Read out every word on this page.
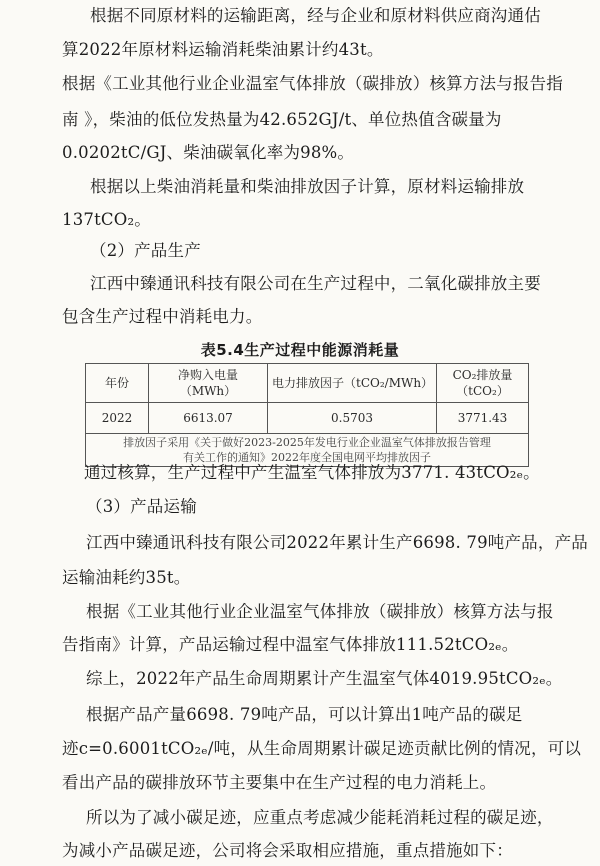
根据不同原材料的运输距离，经与企业和原材料供应商沟通估
算2022年原材料运输消耗柴油累计约43t。
根据《工业其他行业企业温室气体排放（碳排放）核算方法与报告指
南 》，柴油的低位发热量为42.652GJ/t、单位热值含碳量为
0.0202tC/GJ、柴油碳氧化率为98%。
根据以上柴油消耗量和柴油排放因子计算，原材料运输排放
137tCO₂。
（2）产品生产
江西中臻通讯科技有限公司在生产过程中，二氧化碳排放主要
包含生产过程中消耗电力。
表5.4生产过程中能源消耗量
年份	净购入电量（MWh）	电力排放因子（tCO₂/MWh）	CO₂排放量（tCO₂）
2022	6613.07	0.5703	3771.43

排放因子采用《关于做好2023-2025年发电行业企业温室气体排放报告管理
有关工作的通知》2022年度全国电网平均排放因子			
通过核算，生产过程中产生温室气体排放为3771. 43tCO₂ₑ。
（3）产品运输
江西中臻通讯科技有限公司2022年累计生产6698. 79吨产品，产品
运输油耗约35t。
根据《工业其他行业企业温室气体排放（碳排放）核算方法与报
告指南》计算，产品运输过程中温室气体排放111.52tCO₂ₑ。
综上，2022年产品生命周期累计产生温室气体4019.95tCO₂ₑ。
根据产品产量6698. 79吨产品，可以计算出1吨产品的碳足
迹c=0.6001tCO₂ₑ/吨，从生命周期累计碳足迹贡献比例的情况，可以
看出产品的碳排放环节主要集中在生产过程的电力消耗上。
所以为了减小碳足迹，应重点考虑减少能耗消耗过程的碳足迹，
为减小产品碳足迹，公司将会采取相应措施，重点措施如下：
